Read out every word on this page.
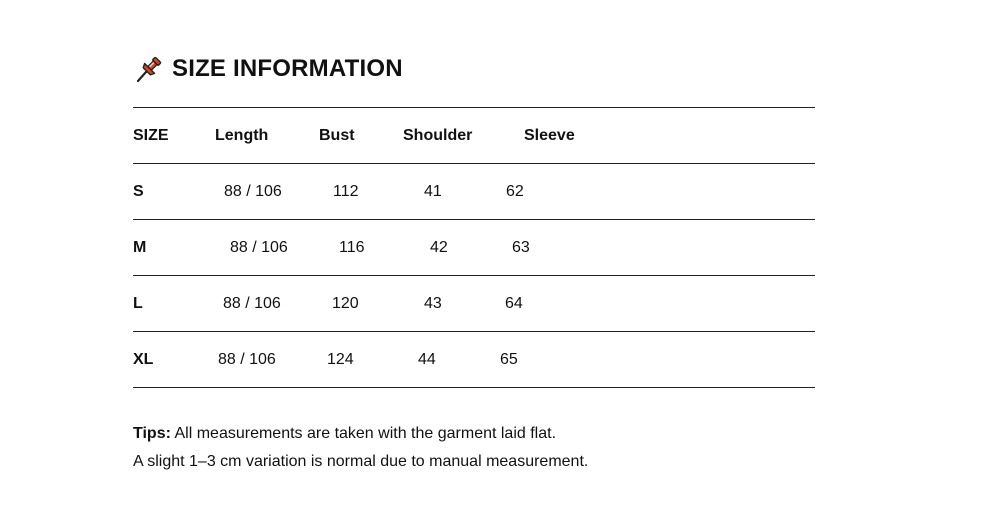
SIZE INFORMATION
SIZE	Length	Bust	Shoulder	Sleeve
S	88 / 106	112	41	62
M	88 / 106	116	42	63
L	88 / 106	120	43	64
XL	88 / 106	124	44	65
Tips: All measurements are taken with the garment laid flat.
A slight 1–3 cm variation is normal due to manual measurement.
